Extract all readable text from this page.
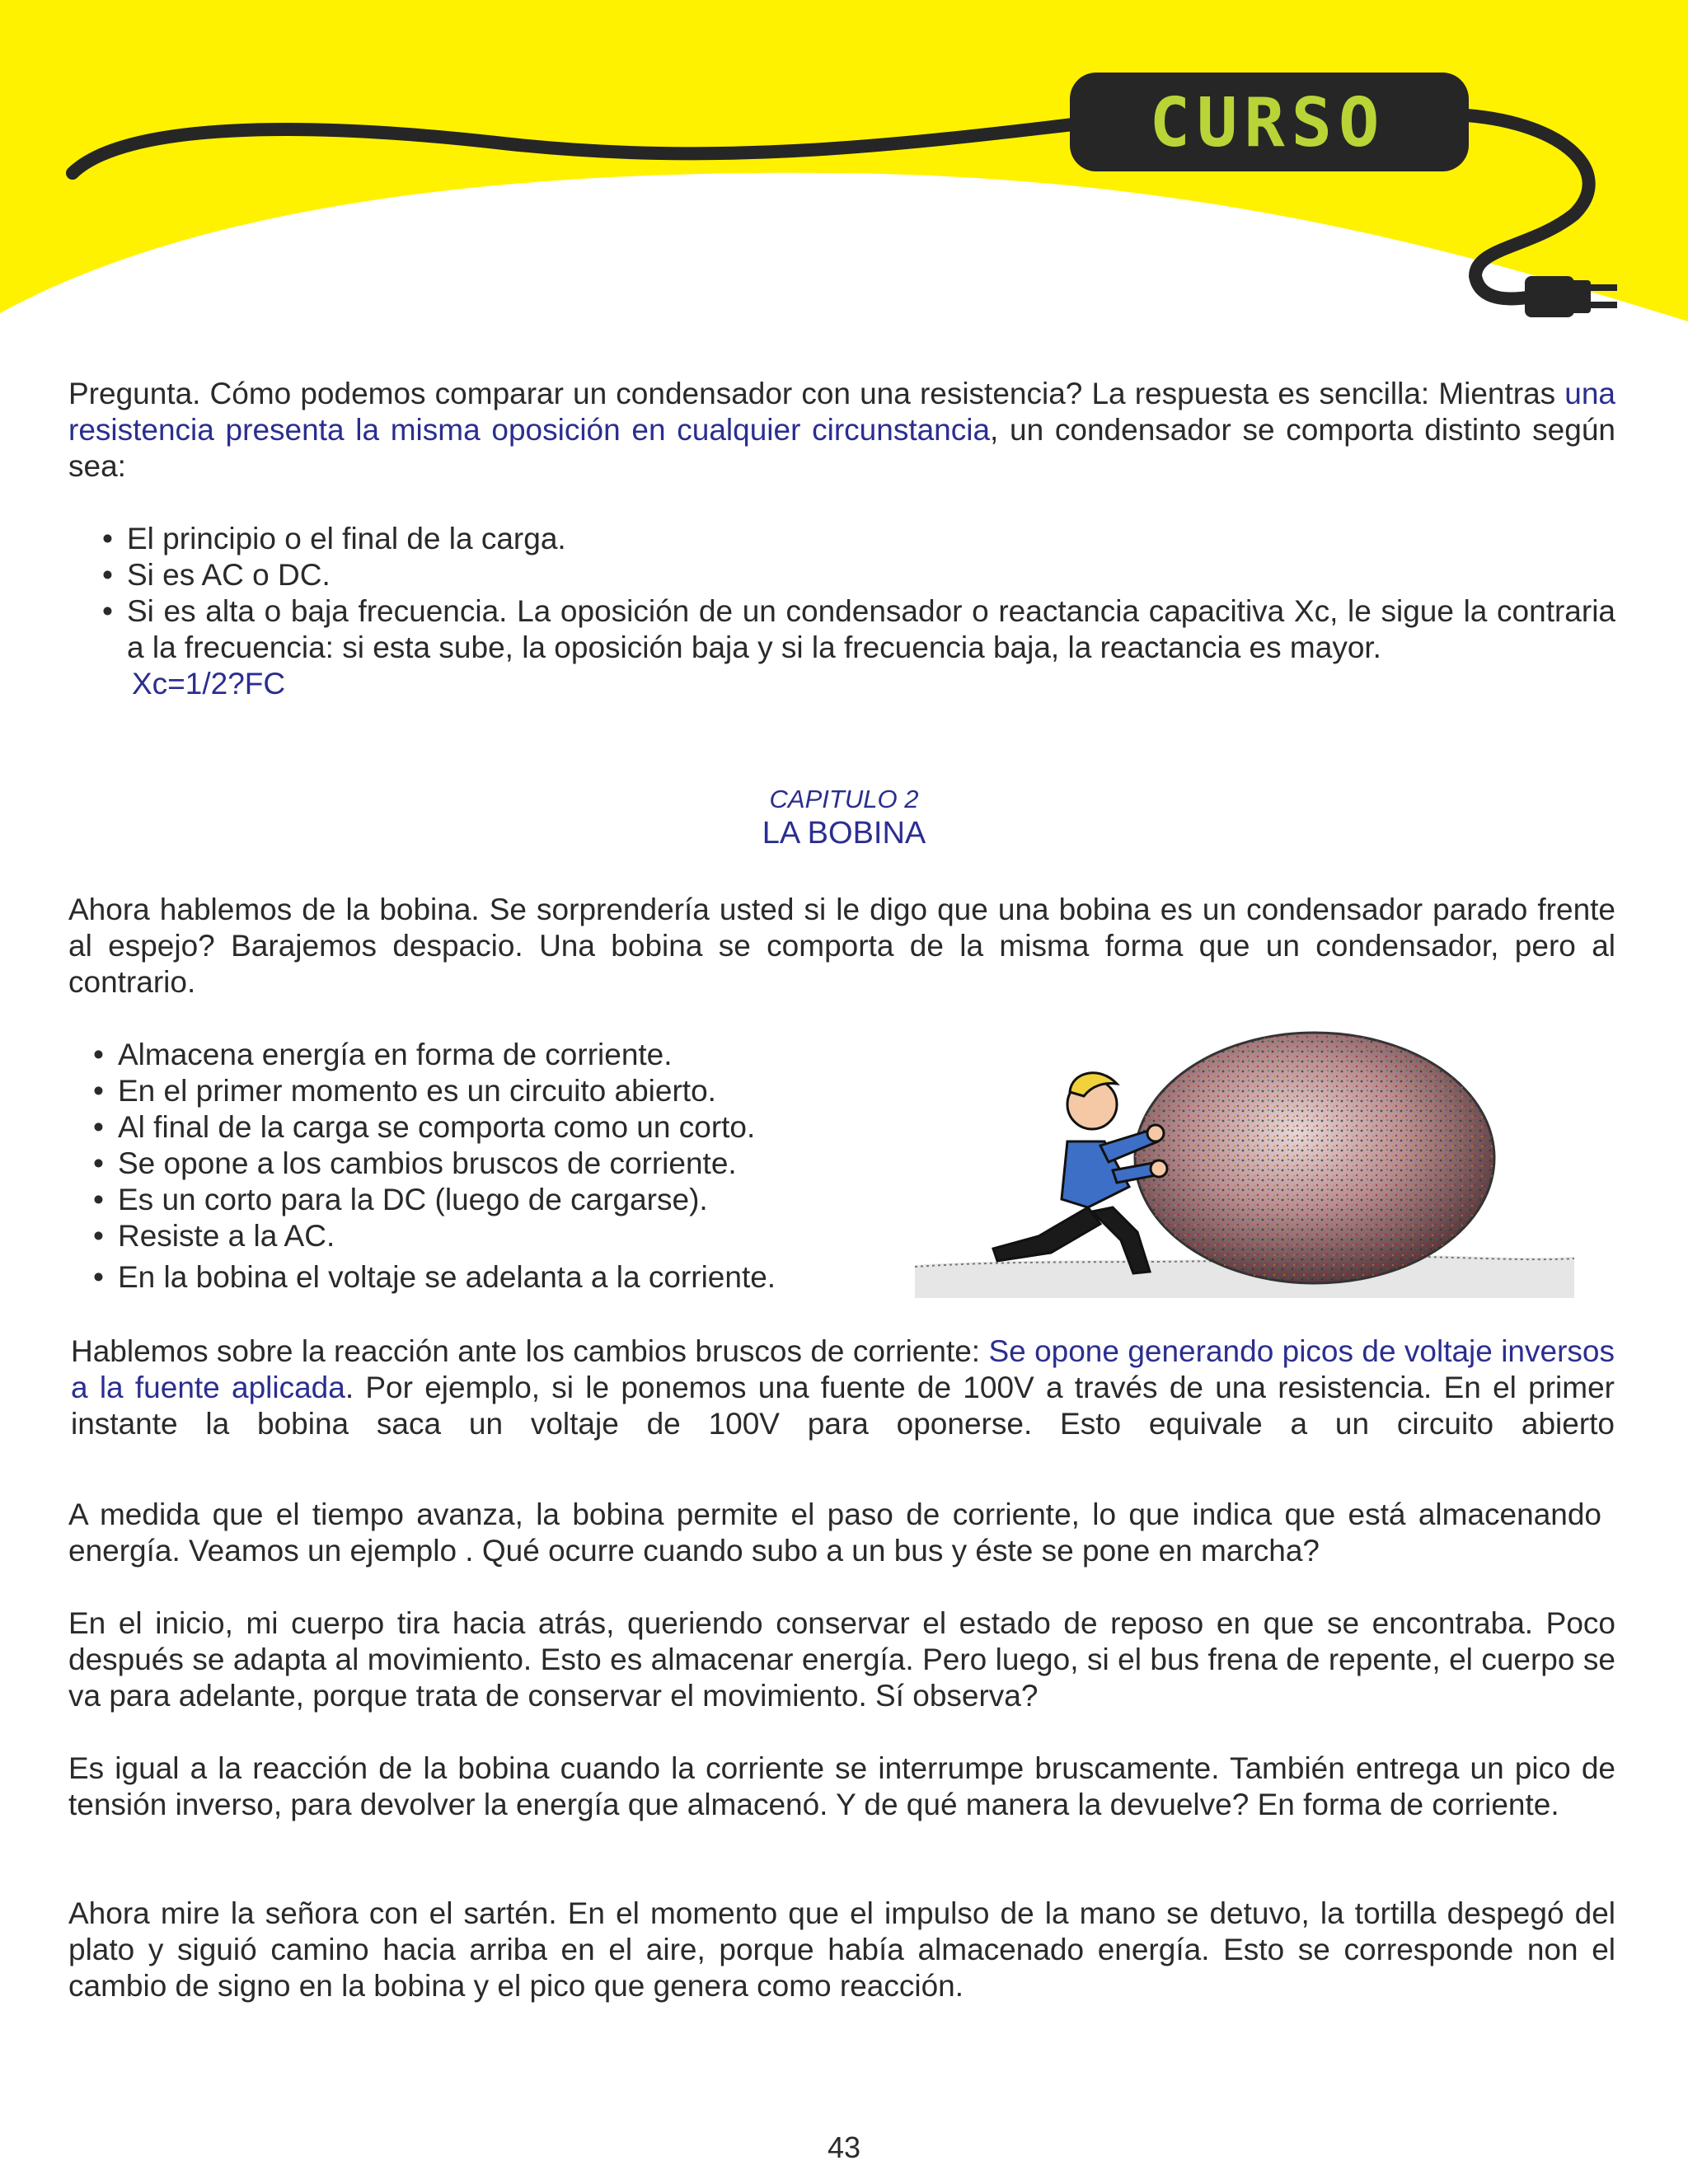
CURSO

Pregunta. Cómo podemos comparar un condensador con una resistencia? La respuesta es sencilla: Mientras una resistencia presenta la misma oposición en cualquier circunstancia, un condensador se comporta distinto según sea:

• El principio o el final de la carga.
• Si es AC o DC.
• Si es alta o baja frecuencia. La oposición de un condensador o reactancia capacitiva Xc, le sigue la contraria a la frecuencia: si esta sube, la oposición baja y si la frecuencia baja, la reactancia es mayor.
Xc=1/2?FC
CAPITULO 2
LA BOBINA

Ahora hablemos de la bobina. Se sorprendería usted si le digo que una bobina es un condensador parado frente al espejo? Barajemos despacio. Una bobina se comporta de la misma forma que un condensador, pero al contrario.

• Almacena energía en forma de corriente.
• En el primer momento es un circuito abierto.
• Al final de la carga se comporta como un corto.
• Se opone a los cambios bruscos de corriente.
• Es un corto para la DC (luego de cargarse).
• Resiste a la AC.
• En la bobina el voltaje se adelanta a la corriente.

Hablemos sobre la reacción ante los cambios bruscos de corriente: Se opone generando picos de voltaje inversos a la fuente aplicada. Por ejemplo, si le ponemos una fuente de 100V a través de una resistencia. En el primer instante la bobina saca un voltaje de 100V para oponerse. Esto equivale a un circuito abierto

A medida que el tiempo avanza, la bobina permite el paso de corriente, lo que indica que está almacenando energía. Veamos un ejemplo . Qué ocurre cuando subo a un bus y éste se pone en marcha?

En el inicio, mi cuerpo tira hacia atrás, queriendo conservar el estado de reposo en que se encontraba. Poco después se adapta al movimiento. Esto es almacenar energía. Pero luego, si el bus frena de repente, el cuerpo se va para adelante, porque trata de conservar el movimiento. Sí observa?

Es igual a la reacción de la bobina cuando la corriente se interrumpe bruscamente. También entrega un pico de tensión inverso, para devolver la energía que almacenó. Y de qué manera la devuelve? En forma de corriente.

Ahora mire la señora con el sartén. En el momento que el impulso de la mano se detuvo, la tortilla despegó del plato y siguió camino hacia arriba en el aire, porque había almacenado energía. Esto se corresponde non el cambio de signo en la bobina y el pico que genera como reacción.

43
